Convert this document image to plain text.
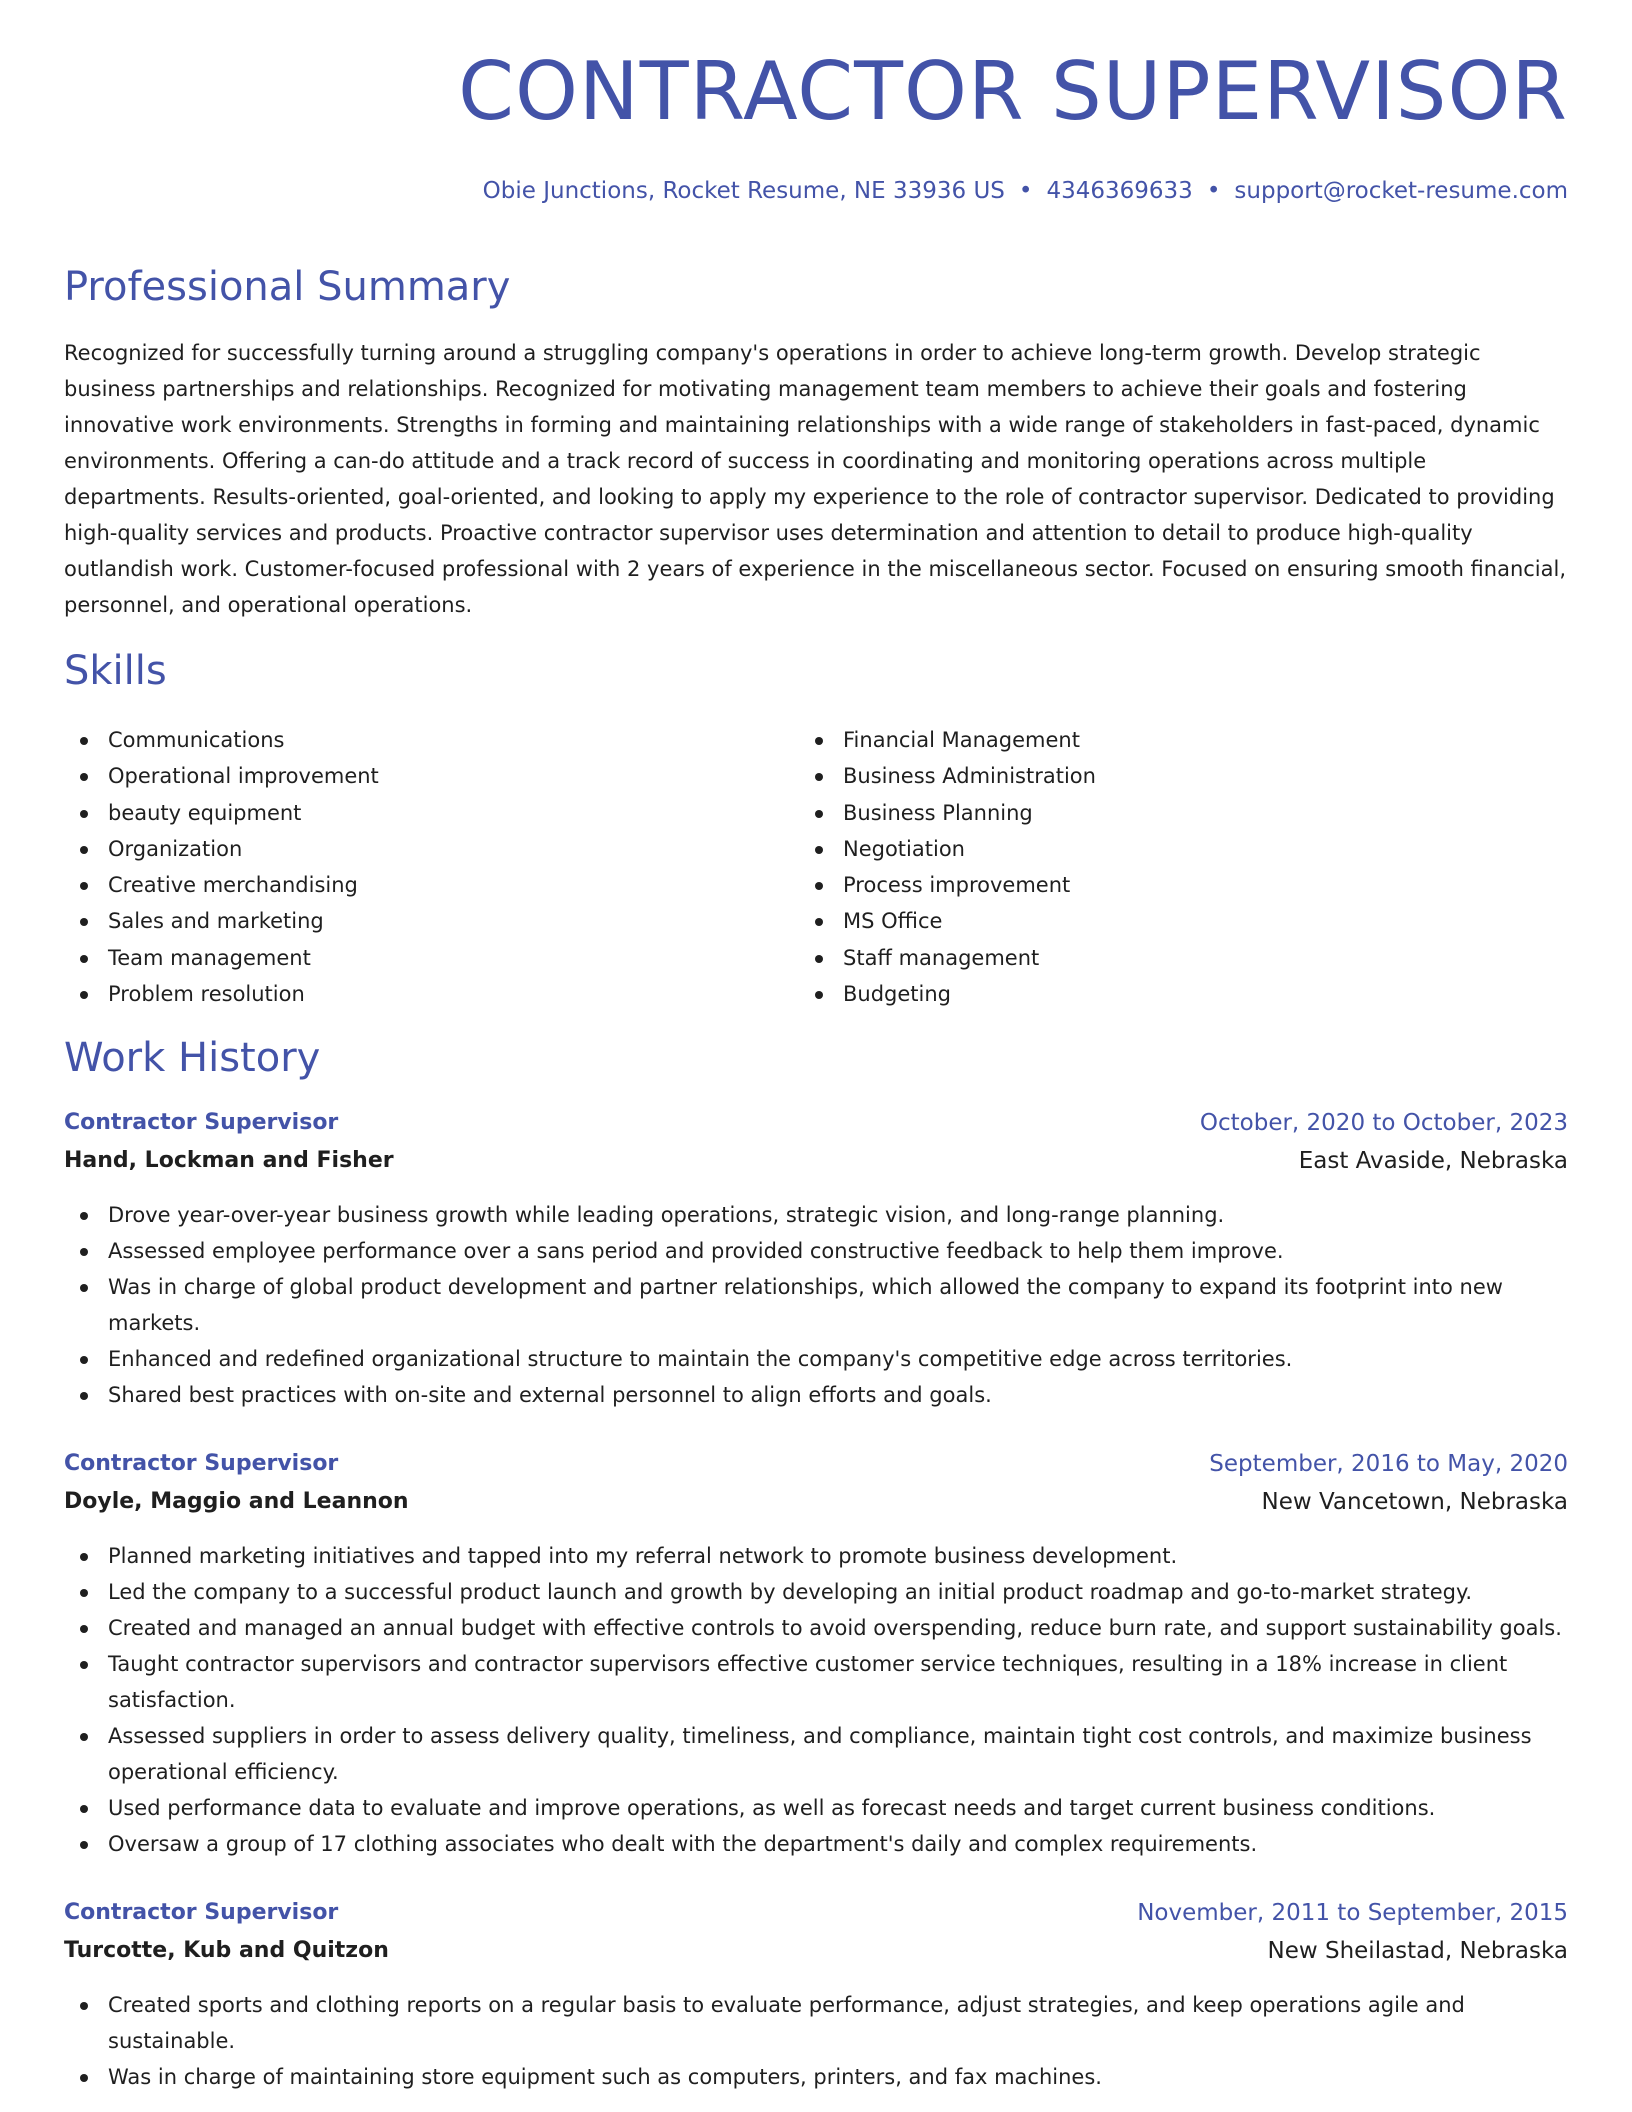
CONTRACTOR SUPERVISOR
Obie Junctions, Rocket Resume, NE 33936 US • 4346369633 • support@rocket-resume.com
Professional Summary

Recognized for successfully turning around a struggling company's operations in order to achieve long-term growth. Develop strategic business partnerships and relationships. Recognized for motivating management team members to achieve their goals and fostering innovative work environments. Strengths in forming and maintaining relationships with a wide range of stakeholders in fast-paced, dynamic environments. Offering a can-do attitude and a track record of success in coordinating and monitoring operations across multiple departments. Results-oriented, goal-oriented, and looking to apply my experience to the role of contractor supervisor. Dedicated to providing high-quality services and products. Proactive contractor supervisor uses determination and attention to detail to produce high-quality outlandish work. Customer-focused professional with 2 years of experience in the miscellaneous sector. Focused on ensuring smooth financial, personnel, and operational operations.

Skills
Communications
Operational improvement
beauty equipment
Organization
Creative merchandising
Sales and marketing
Team management
Problem resolution
Financial Management
Business Administration
Business Planning
Negotiation
Process improvement
MS Office
Staff management
Budgeting
Work History
Contractor Supervisor	October, 2020 to October, 2023
Hand, Lockman and Fisher	East Avaside, Nebraska
Drove year-over-year business growth while leading operations, strategic vision, and long-range planning.
Assessed employee performance over a sans period and provided constructive feedback to help them improve.
Was in charge of global product development and partner relationships, which allowed the company to expand its footprint into new markets.
Enhanced and redefined organizational structure to maintain the company's competitive edge across territories.
Shared best practices with on-site and external personnel to align efforts and goals.
Contractor Supervisor	September, 2016 to May, 2020
Doyle, Maggio and Leannon	New Vancetown, Nebraska
Planned marketing initiatives and tapped into my referral network to promote business development.
Led the company to a successful product launch and growth by developing an initial product roadmap and go-to-market strategy.
Created and managed an annual budget with effective controls to avoid overspending, reduce burn rate, and support sustainability goals.
Taught contractor supervisors and contractor supervisors effective customer service techniques, resulting in a 18% increase in client satisfaction.
Assessed suppliers in order to assess delivery quality, timeliness, and compliance, maintain tight cost controls, and maximize business operational efficiency.
Used performance data to evaluate and improve operations, as well as forecast needs and target current business conditions.
Oversaw a group of 17 clothing associates who dealt with the department's daily and complex requirements.
Contractor Supervisor	November, 2011 to September, 2015
Turcotte, Kub and Quitzon	New Sheilastad, Nebraska
Created sports and clothing reports on a regular basis to evaluate performance, adjust strategies, and keep operations agile and sustainable.
Was in charge of maintaining store equipment such as computers, printers, and fax machines.
